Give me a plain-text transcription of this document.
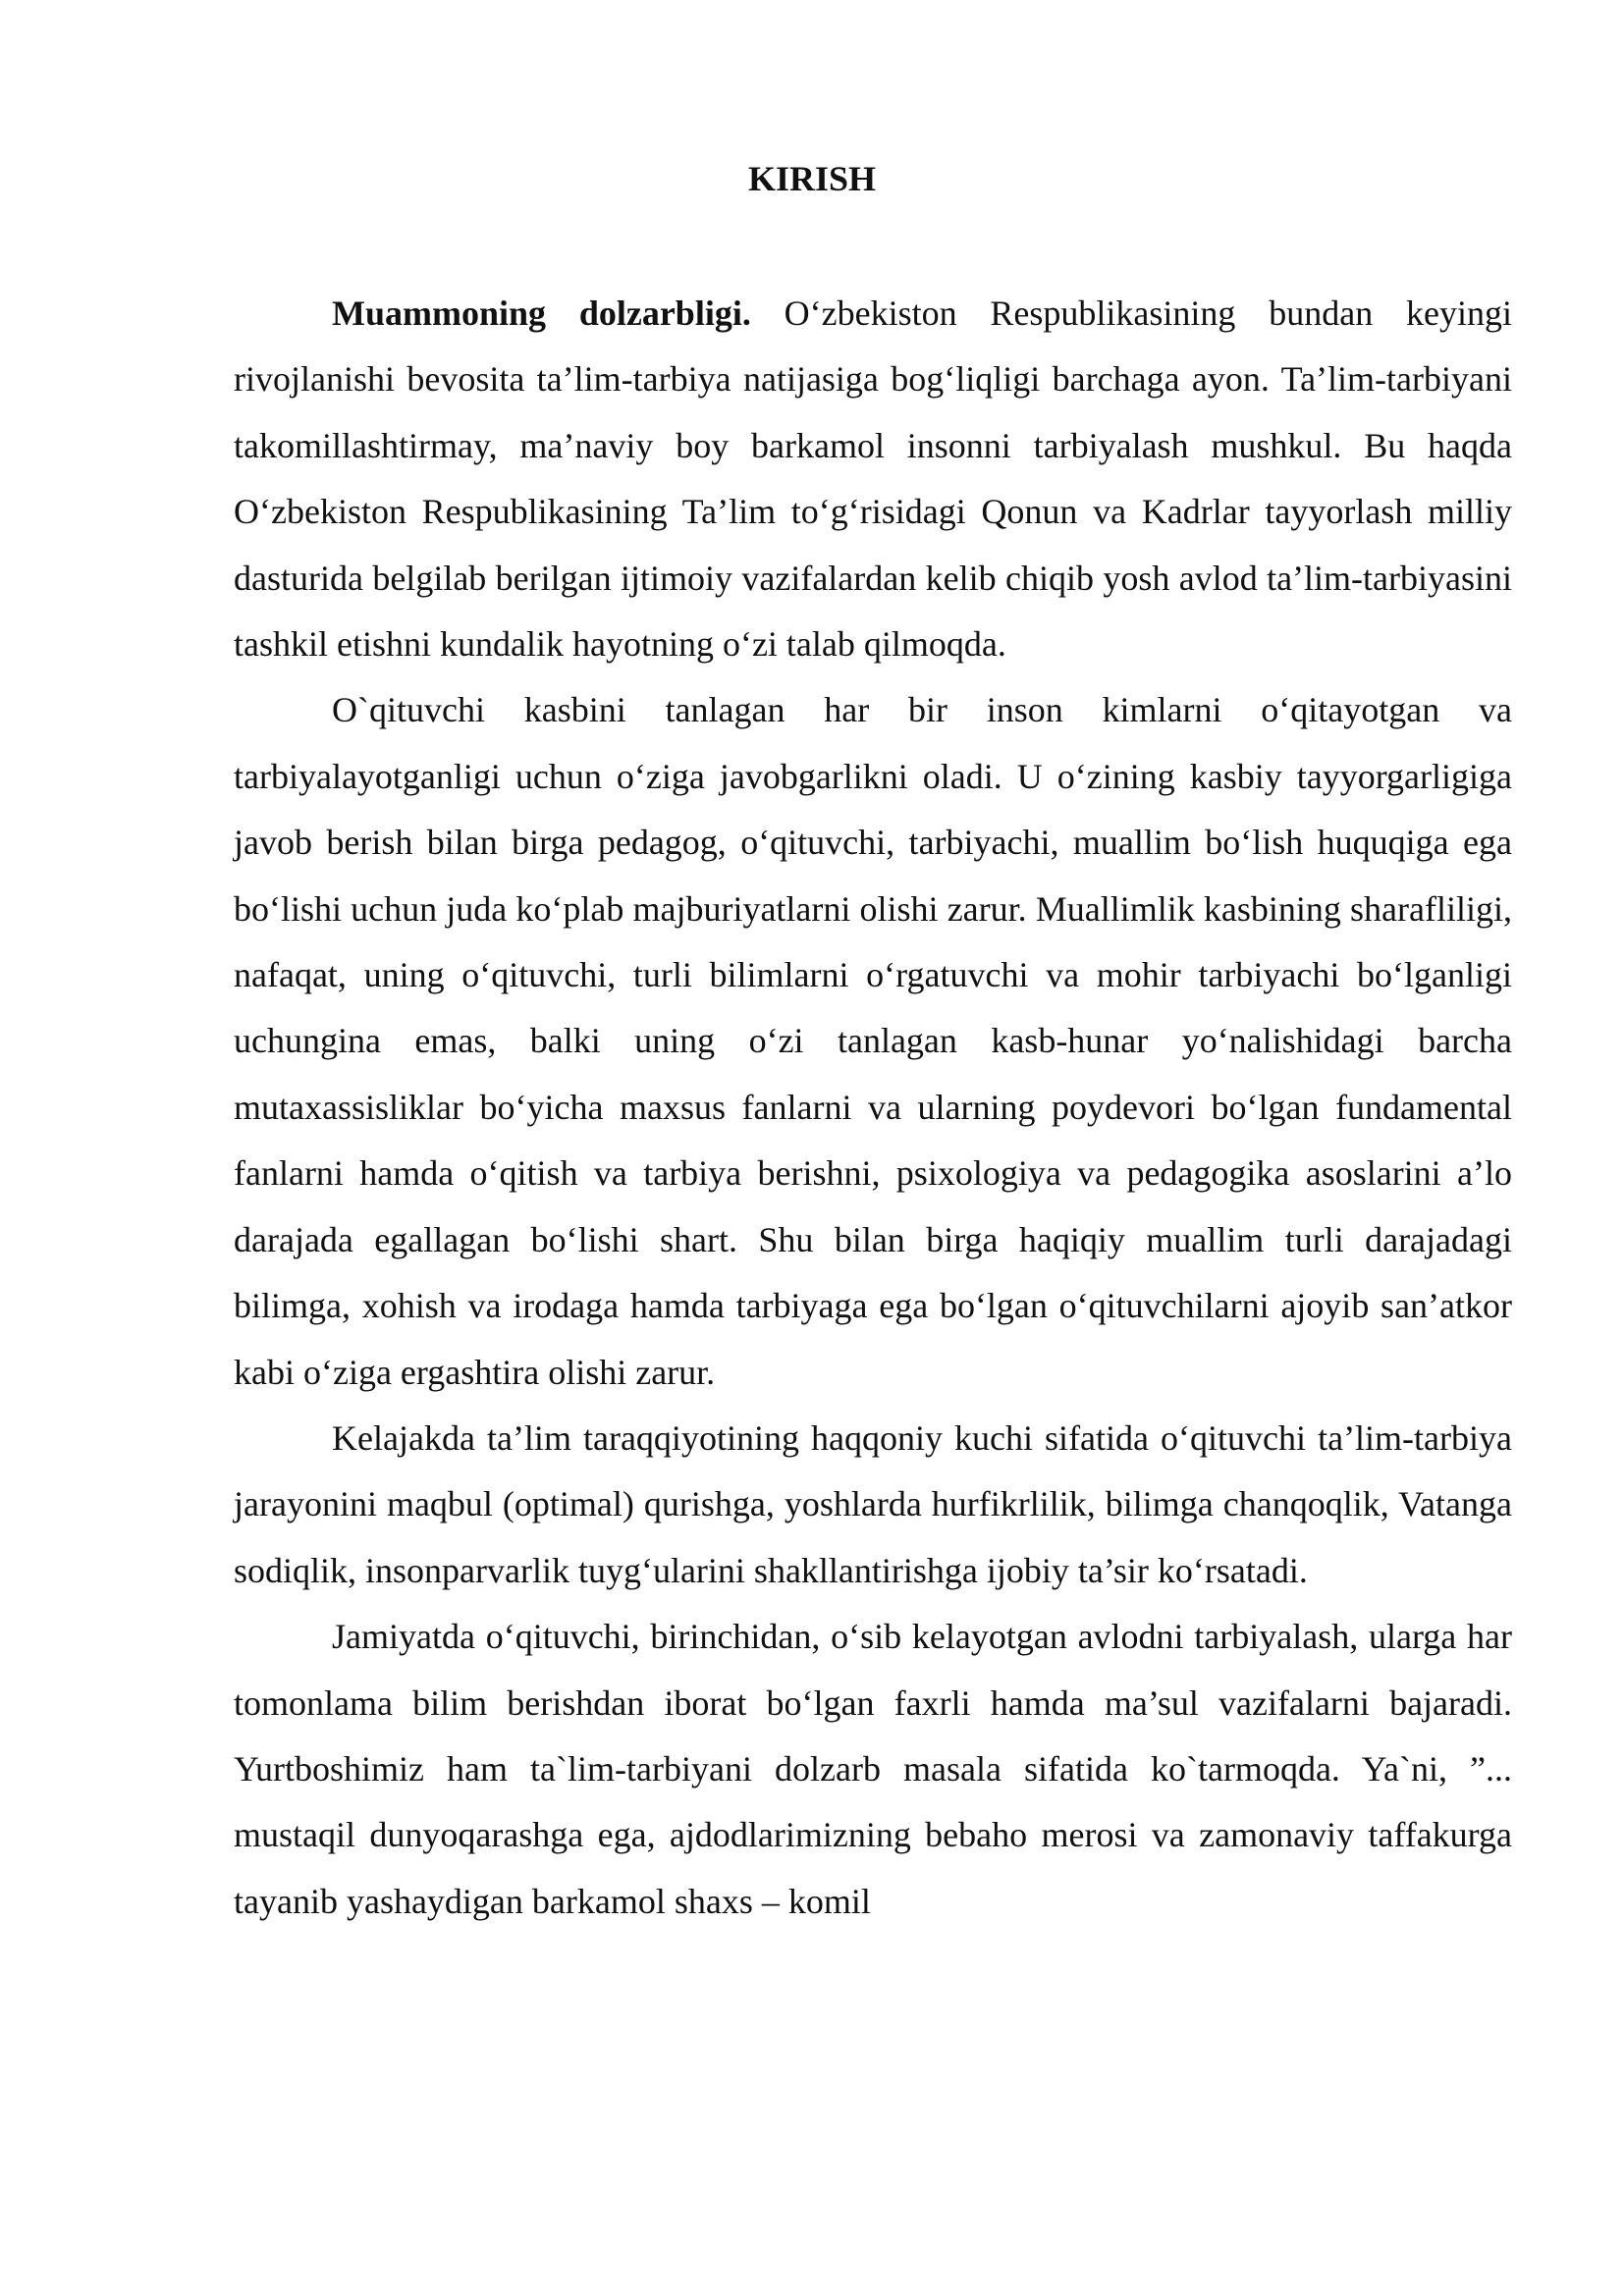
KIRISH

Muammoning dolzarbligi. O‘zbekiston Respublikasining bundan keyingi rivojlanishi bevosita ta’lim-tarbiya natijasiga bog‘liqligi barchaga ayon. Ta’lim-tarbiyani takomillashtirmay, ma’naviy boy barkamol insonni tarbiyalash mushkul. Bu haqda O‘zbekiston Respublikasining Ta’lim to‘g‘risidagi Qonun va Kadrlar tayyorlash milliy dasturida belgilab berilgan ijtimoiy vazifalardan kelib chiqib yosh avlod ta’lim-tarbiyasini tashkil etishni kundalik hayotning o‘zi talab qilmoqda.

O`qituvchi kasbini tanlagan har bir inson kimlarni o‘qitayotgan va tarbiyalayotganligi uchun o‘ziga javobgarlikni oladi. U o‘zining kasbiy tayyorgarligiga javob berish bilan birga pedagog, o‘qituvchi, tarbiyachi, muallim bo‘lish huquqiga ega bo‘lishi uchun juda ko‘plab majburiyatlarni olishi zarur. Muallimlik kasbining sharafliligi, nafaqat, uning o‘qituvchi, turli bilimlarni o‘rgatuvchi va mohir tarbiyachi bo‘lganligi uchungina emas, balki uning o‘zi tanlagan kasb-hunar yo‘nalishidagi barcha mutaxassisliklar bo‘yicha maxsus fanlarni va ularning poydevori bo‘lgan fundamental fanlarni hamda o‘qitish va tarbiya berishni, psixologiya va pedagogika asoslarini a’lo darajada egallagan bo‘lishi shart. Shu bilan birga haqiqiy muallim turli darajadagi bilimga, xohish va irodaga hamda tarbiyaga ega bo‘lgan o‘qituvchilarni ajoyib san’atkor kabi o‘ziga ergashtira olishi zarur.

Kelajakda ta’lim taraqqiyotining haqqoniy kuchi sifatida o‘qituvchi ta’lim-tarbiya jarayonini maqbul (optimal) qurishga, yoshlarda hurfikrlilik, bilimga chanqoqlik, Vatanga sodiqlik, insonparvarlik tuyg‘ularini shakllantirishga ijobiy ta’sir ko‘rsatadi.

Jamiyatda o‘qituvchi, birinchidan, o‘sib kelayotgan avlodni tarbiyalash, ularga har tomonlama bilim berishdan iborat bo‘lgan faxrli hamda ma’sul vazifalarni bajaradi. Yurtboshimiz ham ta`lim-tarbiyani dolzarb masala sifatida ko`tarmoqda. Ya`ni, ”... mustaqil dunyoqarashga ega, ajdodlarimizning bebaho merosi va zamonaviy taffakurga tayanib yashaydigan barkamol shaxs – komil
